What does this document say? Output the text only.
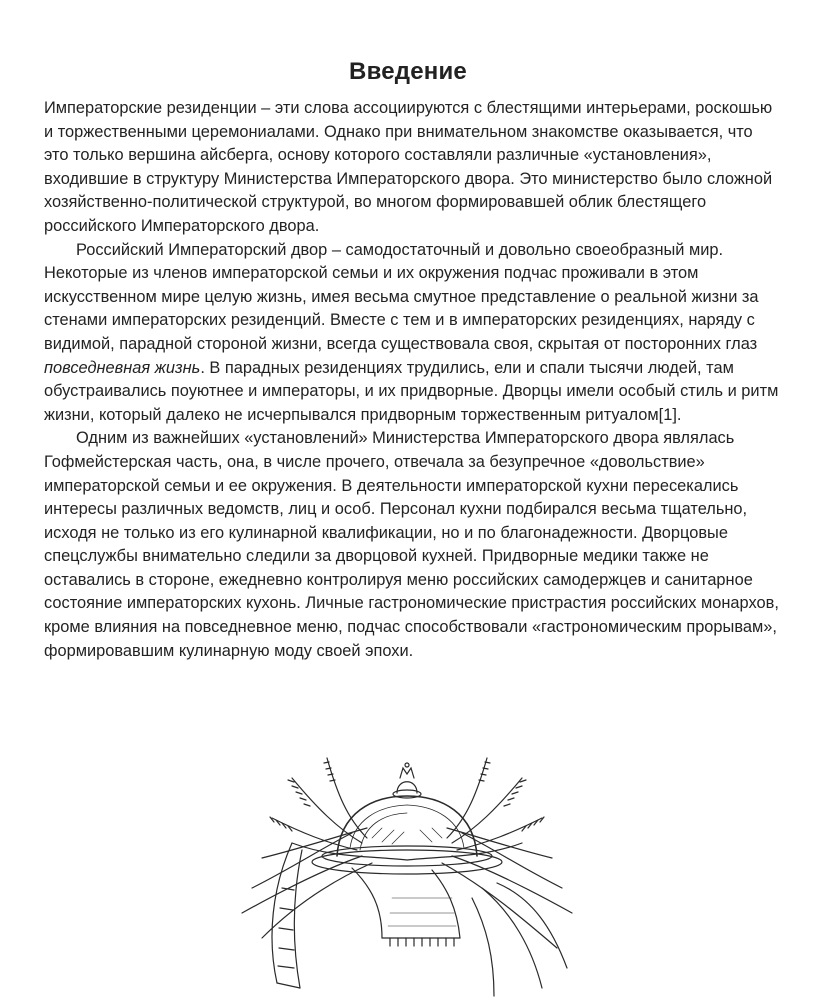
Введение

Императорские резиденции – эти слова ассоциируются с блестящими интерьерами, роскошью и торжественными церемониалами. Однако при внимательном знакомстве оказывается, что это только вершина айсберга, основу которого составляли различные «установления», входившие в структуру Министерства Императорского двора. Это министерство было сложной хозяйственно-политической структурой, во многом формировавшей облик блестящего российского Императорского двора.

Российский Императорский двор – самодостаточный и довольно своеобразный мир. Некоторые из членов императорской семьи и их окружения подчас проживали в этом искусственном мире целую жизнь, имея весьма смутное представление о реальной жизни за стенами императорских резиденций. Вместе с тем и в императорских резиденциях, наряду с видимой, парадной стороной жизни, всегда существовала своя, скрытая от посторонних глаз повседневная жизнь. В парадных резиденциях трудились, ели и спали тысячи людей, там обустраивались поуютнее и императоры, и их придворные. Дворцы имели особый стиль и ритм жизни, который далеко не исчерпывался придворным торжественным ритуалом[1].

Одним из важнейших «установлений» Министерства Императорского двора являлась Гофмейстерская часть, она, в числе прочего, отвечала за безупречное «довольствие» императорской семьи и ее окружения. В деятельности императорской кухни пересекались интересы различных ведомств, лиц и особ. Персонал кухни подбирался весьма тщательно, исходя не только из его кулинарной квалификации, но и по благонадежности. Дворцовые спецслужбы внимательно следили за дворцовой кухней. Придворные медики также не оставались в стороне, ежедневно контролируя меню российских самодержцев и санитарное состояние императорских кухонь. Личные гастрономические пристрастия российских монархов, кроме влияния на повседневное меню, подчас способствовали «гастрономическим прорывам», формировавшим кулинарную моду своей эпохи.
